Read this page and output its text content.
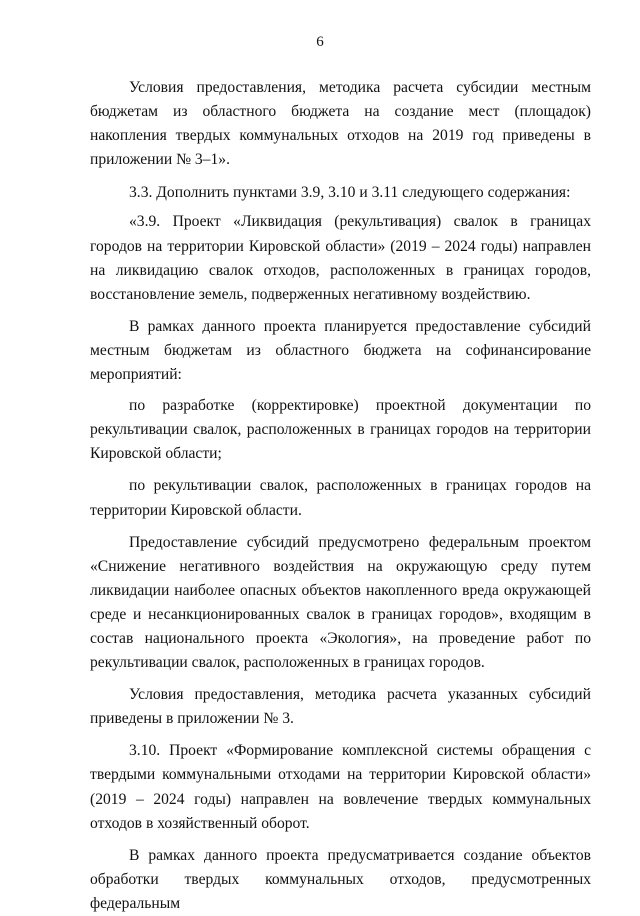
6

Условия предоставления, методика расчета субсидии местным бюджетам из областного бюджета на создание мест (площадок) накопления твердых коммунальных отходов на 2019 год приведены в приложении № 3–1».

3.3. Дополнить пунктами 3.9, 3.10 и 3.11 следующего содержания:

«3.9. Проект «Ликвидация (рекультивация) свалок в границах городов на территории Кировской области» (2019 – 2024 годы) направлен на ликвидацию свалок отходов, расположенных в границах городов, восстановление земель, подверженных негативному воздействию.

В рамках данного проекта планируется предоставление субсидий местным бюджетам из областного бюджета на софинансирование мероприятий:

по разработке (корректировке) проектной документации по рекультивации свалок, расположенных в границах городов на территории Кировской области;

по рекультивации свалок, расположенных в границах городов на территории Кировской области.

Предоставление субсидий предусмотрено федеральным проектом «Снижение негативного воздействия на окружающую среду путем ликвидации наиболее опасных объектов накопленного вреда окружающей среде и несанкционированных свалок в границах городов», входящим в состав национального проекта «Экология», на проведение работ по рекультивации свалок, расположенных в границах городов.

Условия предоставления, методика расчета указанных субсидий приведены в приложении № 3.

3.10. Проект «Формирование комплексной системы обращения с твердыми коммунальными отходами на территории Кировской области» (2019 – 2024 годы) направлен на вовлечение твердых коммунальных отходов в хозяйственный оборот.

В рамках данного проекта предусматривается создание объектов обработки твердых коммунальных отходов, предусмотренных федеральным
